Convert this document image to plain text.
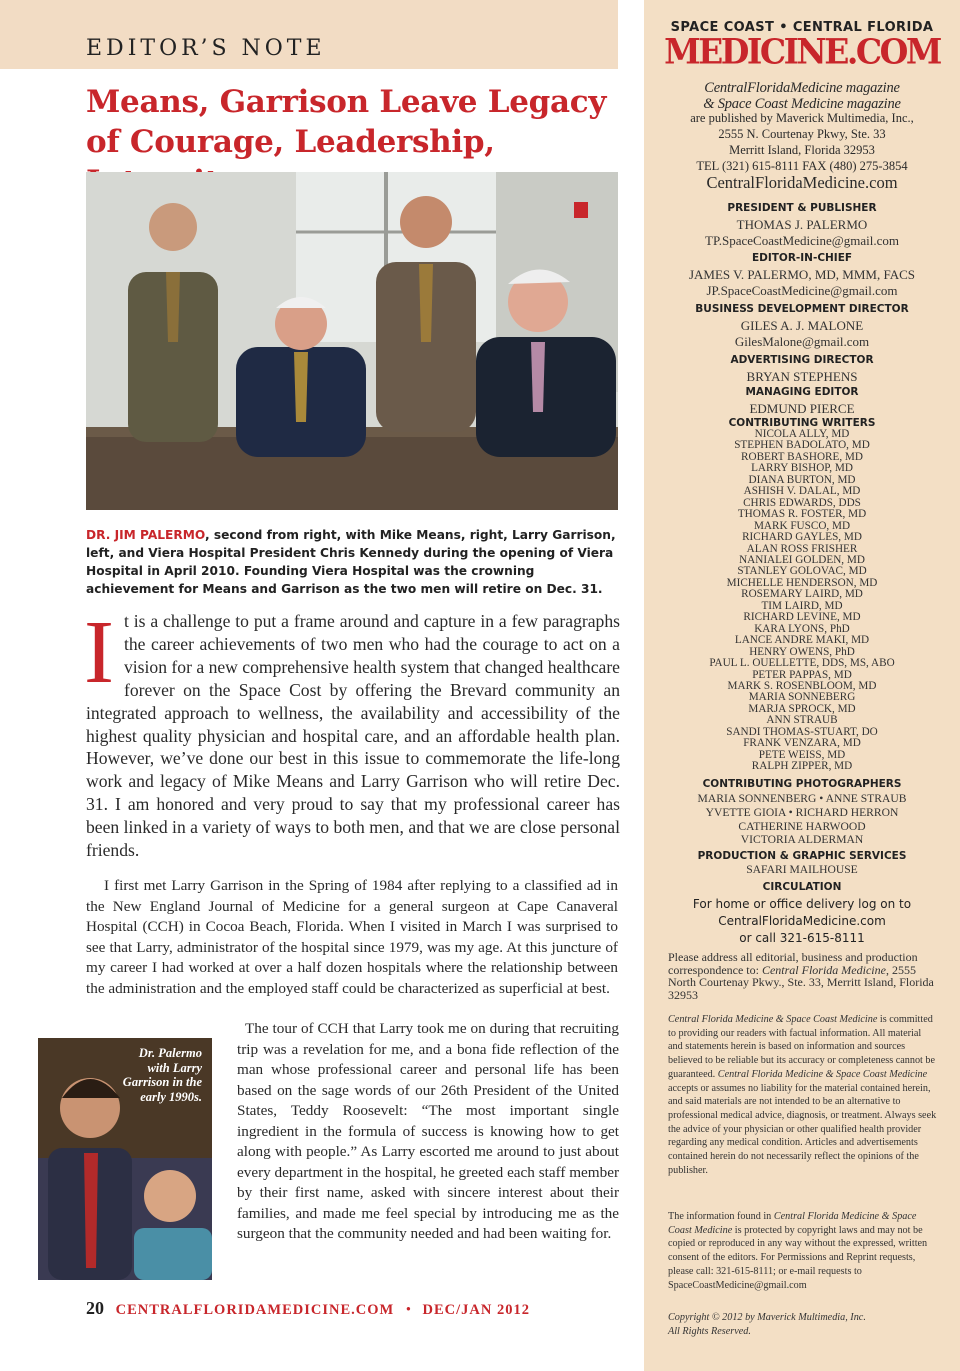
EDITOR’S NOTE
Means, Garrison Leave Legacy of Courage, Leadership,
DR. JIM PALERMO, second from right, with Mike Means, right, Larry Garrison, left, and Viera Hospital President Chris Kennedy during the opening of Viera Hospital in April 2010. Founding Viera Hospital was the crowning achievement for Means and Garrison as the two men will retire on Dec. 31.
It is a challenge to put a frame around and capture in a few paragraphs the career achievements of two men who had the courage to act on a vision for a new comprehensive health system that changed healthcare forever on the Space Cost by offering the Brevard community an integrated approach to wellness, the availability and accessibility of the highest quality physician and hospital care, and an affordable health plan. However, we’ve done our best in this issue to commemorate the life-long work and legacy of Mike Means and Larry Garrison who will retire Dec. 31. I am honored and very proud to say that my professional career has been linked in a variety of ways to both men, and that we are close personal friends.

I first met Larry Garrison in the Spring of 1984 after replying to a classified ad in the New England Journal of Medicine for a general surgeon at Cape Canaveral Hospital (CCH) in Cocoa Beach, Florida. When I visited in March I was surprised to see that Larry, administrator of the hospital since 1979, was my age. At this juncture of my career I had worked at over a half dozen hospitals where the relationship between the administration and the employed staff could be characterized as superficial at best.

The tour of CCH that Larry took me on during that recruiting trip was a revelation for me, and a bona fide reflection of the man whose professional career and personal life has been based on the sage words of our 26th President of the United States, Teddy Roosevelt: “The most important single ingredient in the formula of success is knowing how to get along with people.” As Larry escorted me around to just about every department in the hospital, he greeted each staff member by their first name, asked with sincere interest about their families, and made me feel special by introducing me as the surgeon that the community needed and had been waiting for.

Dr. Palermo with Larry Garrison in the early 1990s.
20 CENTRALFLORIDAMEDICINE.COM • DEC/JAN 2012
SPACE COAST • CENTRAL FLORIDA
MEDICINE.COM
CentralFloridaMedicine magazine
& Space Coast Medicine magazine
are published by Maverick Multimedia, Inc.,
2555 N. Courtenay Pkwy, Ste. 33
Merritt Island, Florida 32953
TEL (321) 615-8111 FAX (480) 275-3854
CentralFloridaMedicine.com
PRESIDENT & PUBLISHER
THOMAS J. PALERMO
TP.SpaceCoastMedicine@gmail.com
EDITOR-IN-CHIEF
JAMES V. PALERMO, MD, MMM, FACS
JP.SpaceCoastMedicine@gmail.com
BUSINESS DEVELOPMENT DIRECTOR
GILES A. J. MALONE
GilesMalone@gmail.com
ADVERTISING DIRECTOR
BRYAN STEPHENS
MANAGING EDITOR
EDMUND PIERCE
CONTRIBUTING WRITERS
NICOLA ALLY, MD
STEPHEN BADOLATO, MD
ROBERT BASHORE, MD
LARRY BISHOP, MD
DIANA BURTON, MD
ASHISH V. DALAL, MD
CHRIS EDWARDS, DDS
THOMAS R. FOSTER, MD
MARK FUSCO, MD
RICHARD GAYLES, MD
ALAN ROSS FRISHER
NANIALEI GOLDEN, MD
STANLEY GOLOVAC, MD
MICHELLE HENDERSON, MD
ROSEMARY LAIRD, MD
TIM LAIRD, MD
RICHARD LEVINE, MD
KARA LYONS, PhD
LANCE ANDRE MAKI, MD
HENRY OWENS, PhD
PAUL L. OUELLETTE, DDS, MS, ABO
PETER PAPPAS, MD
MARK S. ROSENBLOOM, MD
MARIA SONNEBERG
MARJA SPROCK, MD
ANN STRAUB
SANDI THOMAS-STUART, DO
FRANK VENZARA, MD
PETE WEISS, MD
RALPH ZIPPER, MD
CONTRIBUTING PHOTOGRAPHERS
MARIA SONNENBERG • ANNE STRAUB
YVETTE GIOIA • RICHARD HERRON
CATHERINE HARWOOD
VICTORIA ALDERMAN
PRODUCTION & GRAPHIC SERVICES
SAFARI MAILHOUSE
CIRCULATION
For home or office delivery log on to
CentralFloridaMedicine.com
or call 321-615-8111
Please address all editorial, business and production correspondence to: Central Florida Medicine, 2555 North Courtenay Pkwy., Ste. 33, Merritt Island, Florida 32953
Central Florida Medicine & Space Coast Medicine is committed to providing our readers with factual information. All material and statements herein is based on information and sources believed to be reliable but its accuracy or completeness cannot be guaranteed. Central Florida Medicine & Space Coast Medicine accepts or assumes no liability for the material contained herein, and said materials are not intended to be an alternative to professional medical advice, diagnosis, or treatment. Always seek the advice of your physician or other qualified health provider regarding any medical condition. Articles and advertisements contained herein do not necessarily reflect the opinions of the publisher.
The information found in Central Florida Medicine & Space Coast Medicine is protected by copyright laws and may not be copied or reproduced in any way without the expressed, written consent of the editors. For Permissions and Reprint requests, please call: 321-615-8111; or e-mail requests to SpaceCoastMedicine@gmail.com
Copyright © 2012 by Maverick Multimedia, Inc.
All Rights Reserved.
